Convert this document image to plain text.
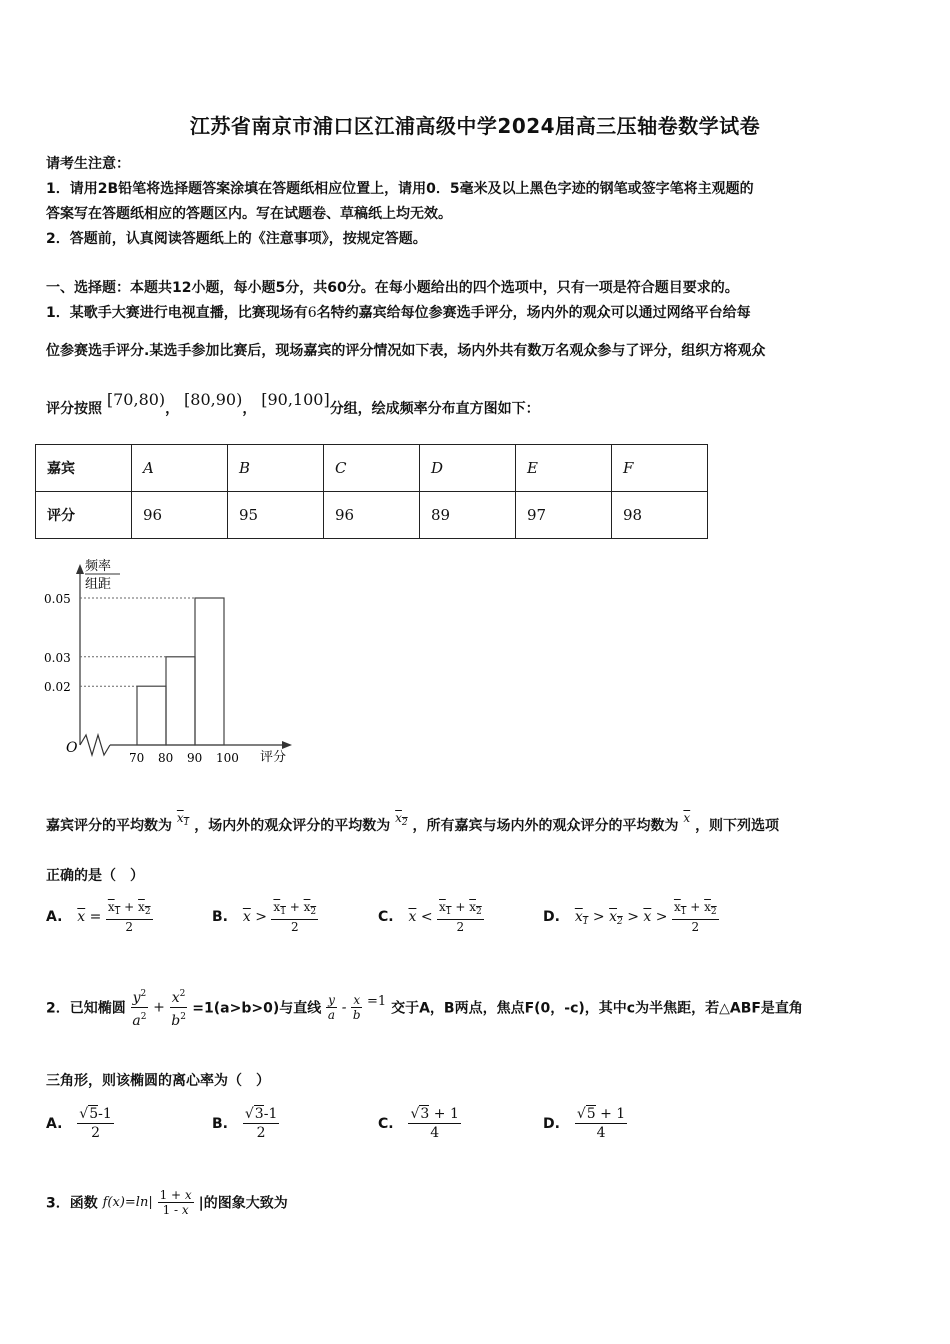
江苏省南京市浦口区江浦高级中学2024届高三压轴卷数学试卷
请考生注意：
1．请用2B铅笔将选择题答案涂填在答题纸相应位置上，请用0．5毫米及以上黑色字迹的钢笔或签字笔将主观题的
答案写在答题纸相应的答题区内。写在试题卷、草稿纸上均无效。
2．答题前，认真阅读答题纸上的《注意事项》，按规定答题。
一、选择题：本题共12小题，每小题5分，共60分。在每小题给出的四个选项中，只有一项是符合题目要求的。
1．某歌手大赛进行电视直播，比赛现场有6名特约嘉宾给每位参赛选手评分，场内外的观众可以通过网络平台给每
位参赛选手评分.某选手参加比赛后，现场嘉宾的评分情况如下表，场内外共有数万名观众参与了评分，组织方将观众
评分按照 [70,80)， [80,90)， [90,100]分组，绘成频率分布直方图如下：
嘉宾	A	B	C	D	E	F
评分	96	95	96	89	97	98
频率
组距
O
评分
70 80 90 100
0.05
0.03
0.02
嘉宾评分的平均数为 $x_1$ ，场内外的观众评分的平均数为 $x_2$ ，所有嘉宾与场内外的观众评分的平均数为 $\overline{x}$ ，则下列选项
正确的是（　）
A. $\overline{x} = \frac{x_1 + x_2}{2}$	B. $\overline{x} > \frac{x_1 + x_2}{2}$	C. $\overline{x} < \frac{x_1 + x_2}{2}$	D. $x_1 > x_2 > \overline{x} > \frac{x_1 + x_2}{2}$
2．已知椭圆 $\frac{y^2}{a^2} + \frac{x^2}{b^2} =1(a>b>0)$与直线 $\frac{y}{a} - \frac{x}{b} =1$ 交于A，B两点，焦点F(0，-c)，其中c为半焦距，若△ABF是直角
三角形，则该椭圆的离心率为（　）
A. $\frac{√5-1}{2}$	B. $\frac{√3-1}{2}$	C. $\frac{√3 + 1}{4}$	D. $\frac{√5 + 1}{4}$
3．函数 $f(x)=\ln| \frac{1 + x}{1 - x}$ |的图象大致为
